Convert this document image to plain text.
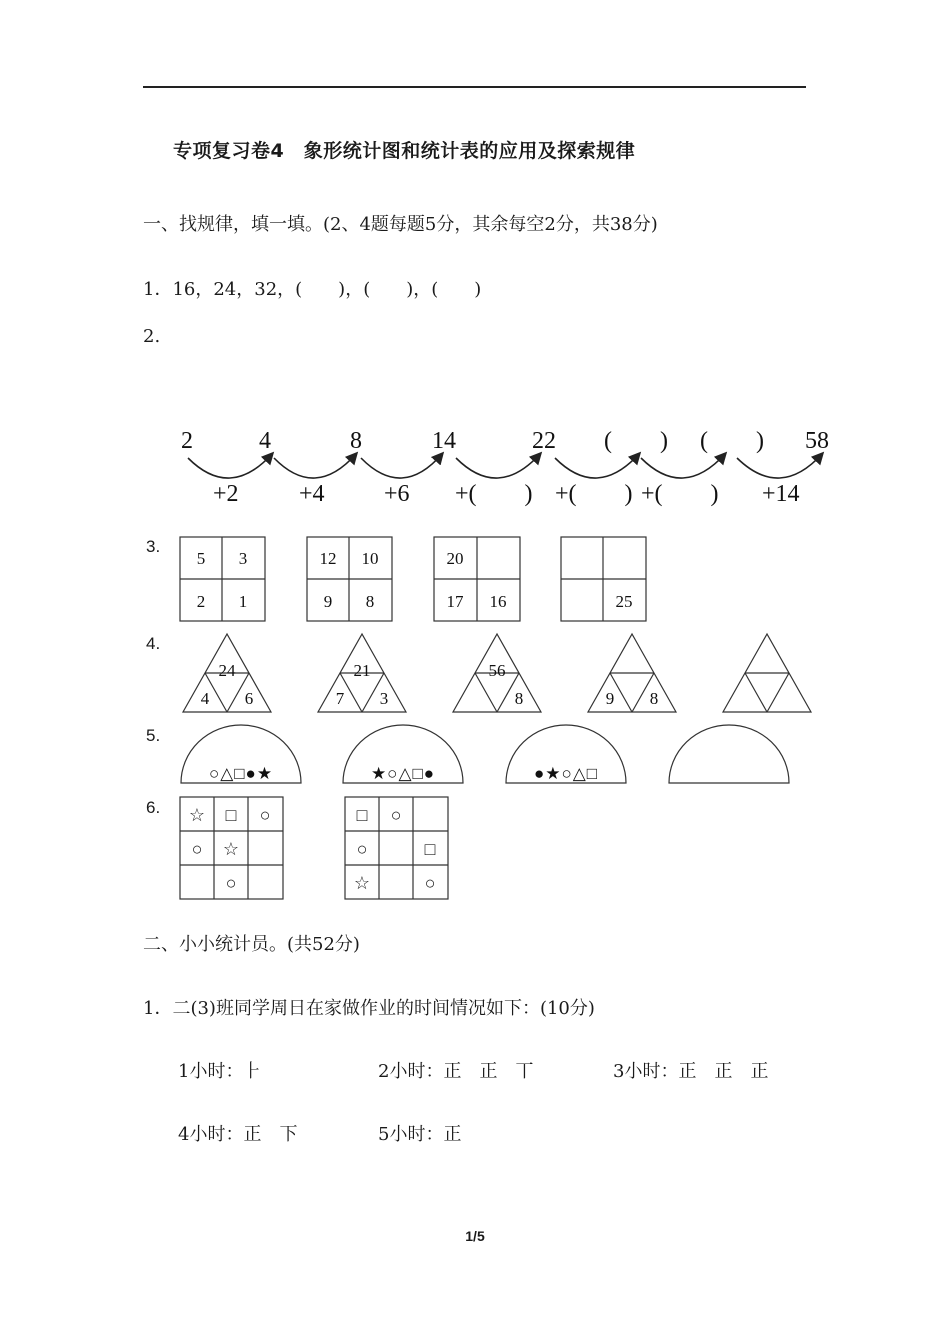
专项复习卷4　象形统计图和统计表的应用及探索规律
一、找规律，填一填。(2、4题每题5分，其余每空2分，共38分)
1．16，24，32，(　　)，(　　)，(　　)
2.
2	4	8	14	22 (　　) (　　) 58
+2	+4 +6 +(　　) +(　　) +(　　) +14
3.
5 3
2 1
12 10
9 8
20
17 16	25
4.
24
4 6
21
7 3
56
8	9 8
5.
○△□●★	★○△□●	●★○△□
6. ☆ □ ○
○ ☆
○
□ ○
○	□
☆	○
二、小小统计员。(共52分)
1．二(3)班同学周日在家做作业的时间情况如下：(10分)
1小时：⺊	2小时：正　正　丅	3小时：正　正　正
4小时：正　下	5小时：正
1/5
